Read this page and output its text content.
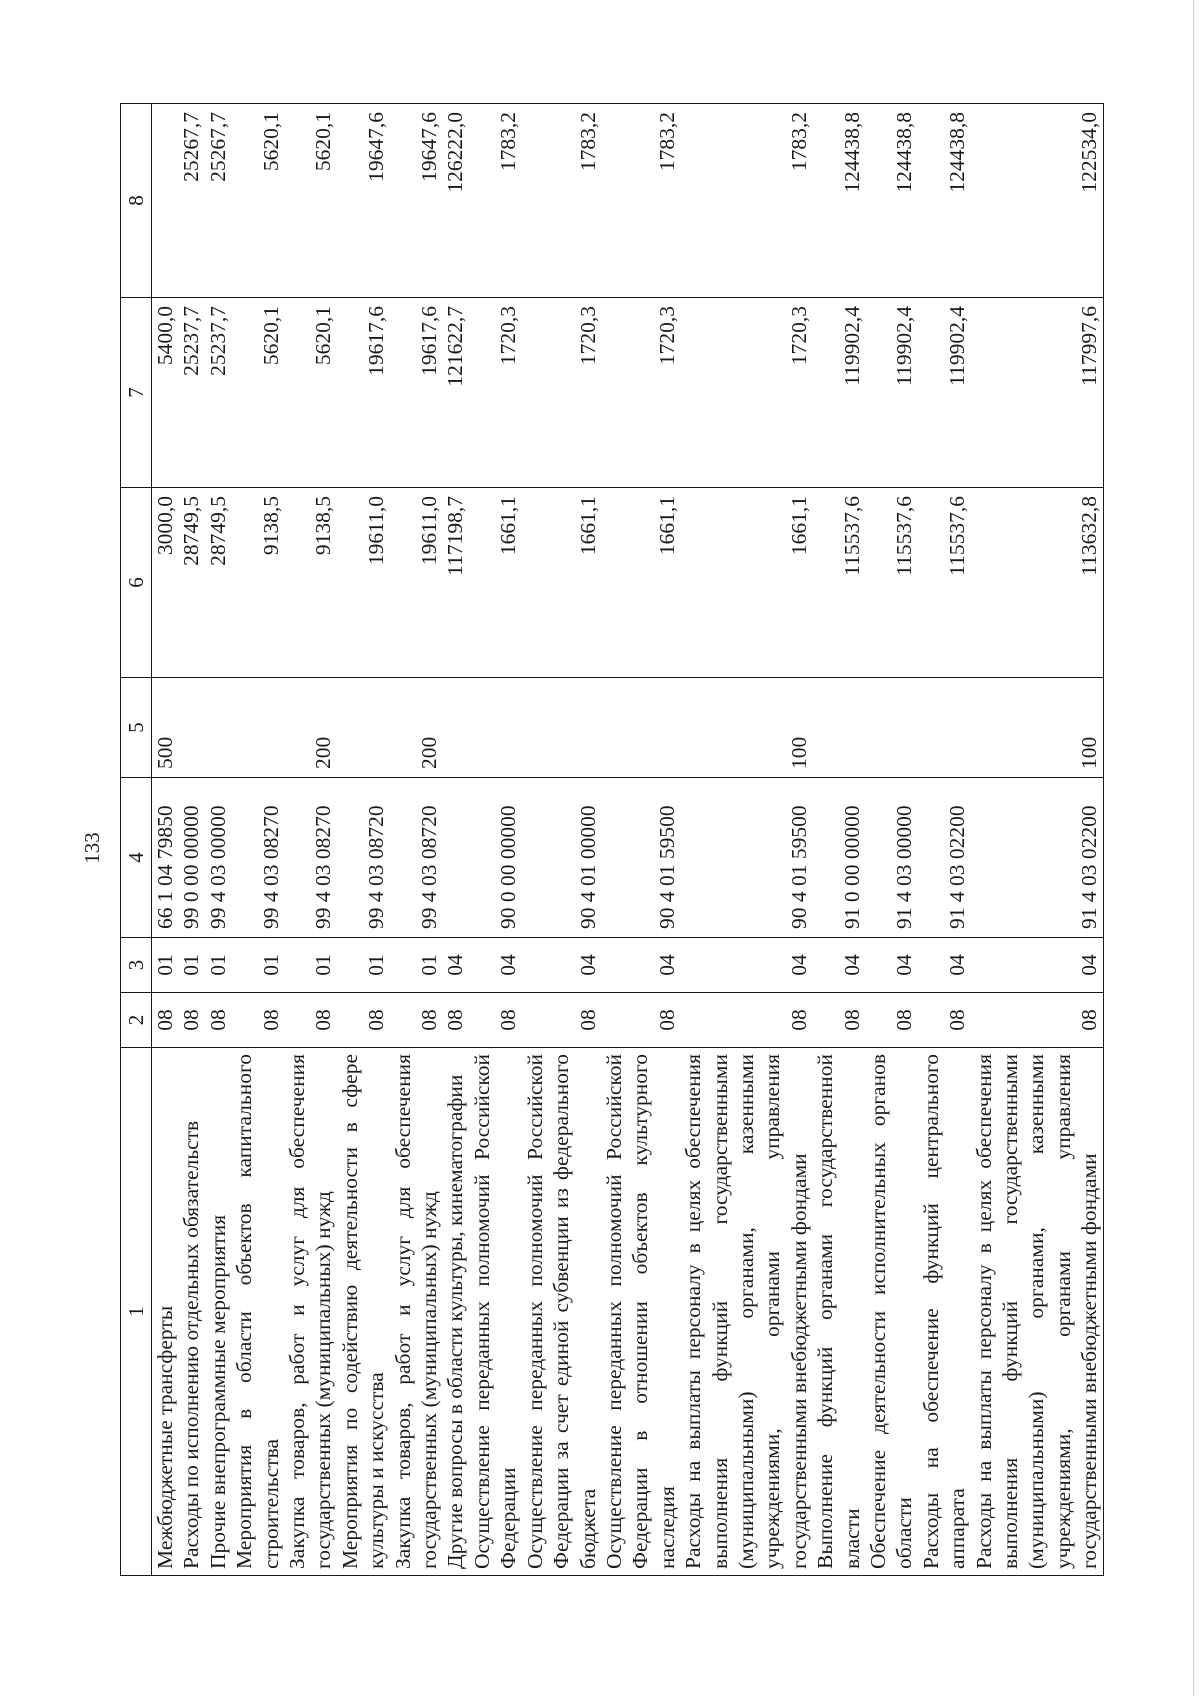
133
1	2	3	4	5	6	7	8
Межбюджетные трансферты	08	01	66 1 04 79850	500	3000,0	5400,0	
Расходы по исполнению отдельных обязательств	08	01	99 0 00 00000		28749,5	25237,7	25267,7
Прочие внепрограммные мероприятия	08	01	99 4 03 00000		28749,5	25237,7	25267,7
Мероприятия в области объектов капитального строительства	08	01	99 4 03 08270		9138,5	5620,1	5620,1
Закупка товаров, работ и услуг для обеспечения государственных (муниципальных) нужд	08	01	99 4 03 08270	200	9138,5	5620,1	5620,1
Мероприятия по содействию деятельности в сфере культуры и искусства	08	01	99 4 03 08720		19611,0	19617,6	19647,6
Закупка товаров, работ и услуг для обеспечения государственных (муниципальных) нужд	08	01	99 4 03 08720	200	19611,0	19617,6	19647,6
Другие вопросы в области культуры, кинематографии	08	04			117198,7	121622,7	126222,0
Осуществление переданных полномочий Российской Федерации	08	04	90 0 00 00000		1661,1	1720,3	1783,2
Осуществление переданных полномочий Российской Федерации за счет единой субвенции из федерального бюджета	08	04	90 4 01 00000		1661,1	1720,3	1783,2
Осуществление переданных полномочий Российской Федерации в отношении объектов культурного наследия	08	04	90 4 01 59500		1661,1	1720,3	1783,2
Расходы на выплаты персоналу в целях обеспечения выполнения функций государственными (муниципальными) органами, казенными учреждениями, органами управления государственными внебюджетными фондами	08	04	90 4 01 59500	100	1661,1	1720,3	1783,2
Выполнение функций органами государственной власти	08	04	91 0 00 00000		115537,6	119902,4	124438,8
Обеспечение деятельности исполнительных органов области	08	04	91 4 03 00000		115537,6	119902,4	124438,8
Расходы на обеспечение функций центрального аппарата	08	04	91 4 03 02200		115537,6	119902,4	124438,8
Расходы на выплаты персоналу в целях обеспечения выполнения функций государственными (муниципальными) органами, казенными учреждениями, органами управления государственными внебюджетными фондами	08	04	91 4 03 02200	100	113632,8	117997,6	122534,0
